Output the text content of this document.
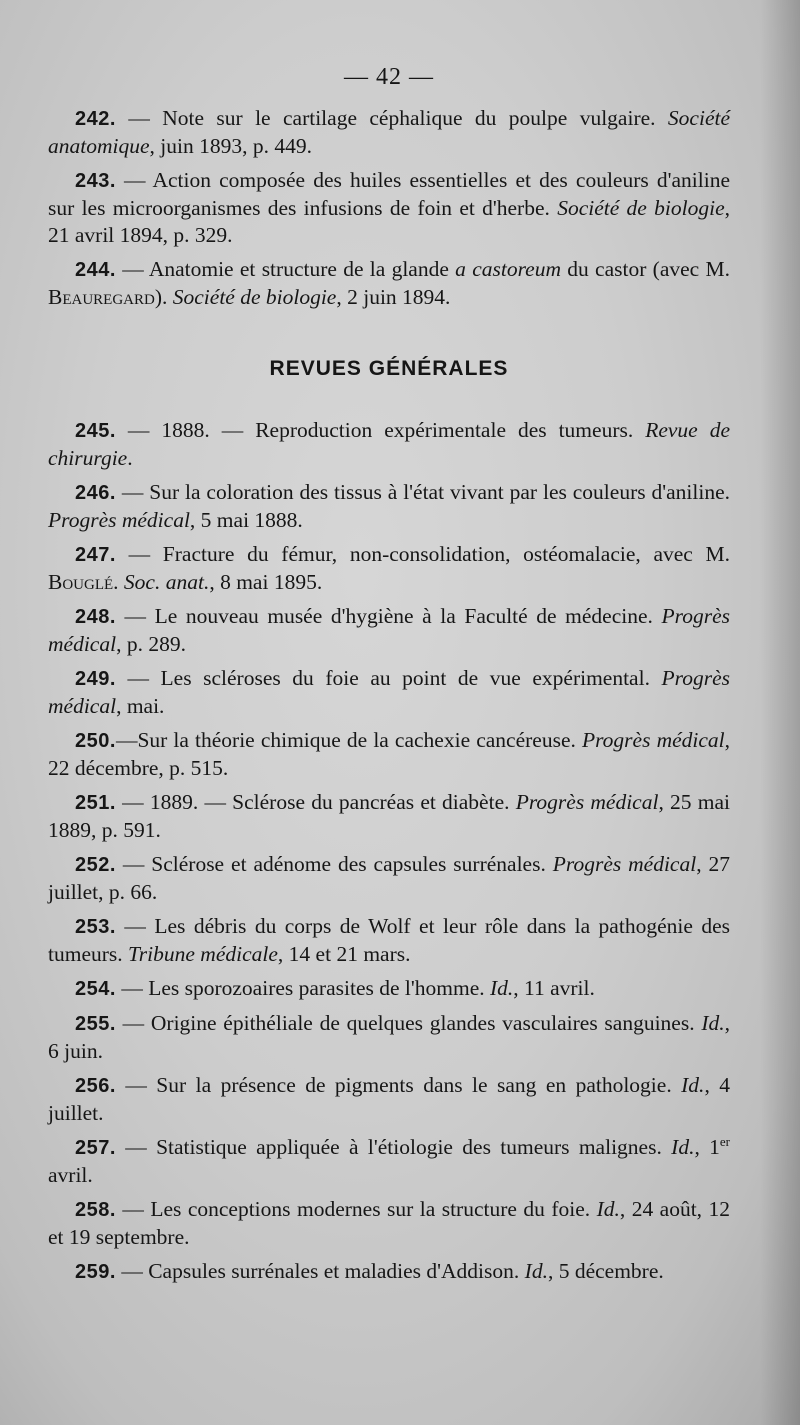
— 42 —

242. — Note sur le cartilage céphalique du poulpe vulgaire. Société anatomique, juin 1893, p. 449.

243. — Action composée des huiles essentielles et des couleurs d'aniline sur les microorganismes des infusions de foin et d'herbe. Société de biologie, 21 avril 1894, p. 329.

244. — Anatomie et structure de la glande a castoreum du castor (avec M. Beauregard). Société de biologie, 2 juin 1894.

REVUES GÉNÉRALES

245. — 1888. — Reproduction expérimentale des tumeurs. Revue de chirurgie.

246. — Sur la coloration des tissus à l'état vivant par les couleurs d'aniline. Progrès médical, 5 mai 1888.

247. — Fracture du fémur, non-consolidation, ostéomalacie, avec M. Bouglé. Soc. anat., 8 mai 1895.

248. — Le nouveau musée d'hygiène à la Faculté de médecine. Progrès médical, p. 289.

249. — Les scléroses du foie au point de vue expérimental. Progrès médical, mai.

250.—Sur la théorie chimique de la cachexie cancéreuse. Progrès médical, 22 décembre, p. 515.

251. — 1889. — Sclérose du pancréas et diabète. Progrès médical, 25 mai 1889, p. 591.

252. — Sclérose et adénome des capsules surrénales. Progrès médical, 27 juillet, p. 66.

253. — Les débris du corps de Wolf et leur rôle dans la pathogénie des tumeurs. Tribune médicale, 14 et 21 mars.

254. — Les sporozoaires parasites de l'homme. Id., 11 avril.

255. — Origine épithéliale de quelques glandes vasculaires sanguines. Id., 6 juin.

256. — Sur la présence de pigments dans le sang en pathologie. Id., 4 juillet.

257. — Statistique appliquée à l'étiologie des tumeurs malignes. Id., 1er avril.

258. — Les conceptions modernes sur la structure du foie. Id., 24 août, 12 et 19 septembre.

259. — Capsules surrénales et maladies d'Addison. Id., 5 décembre.
